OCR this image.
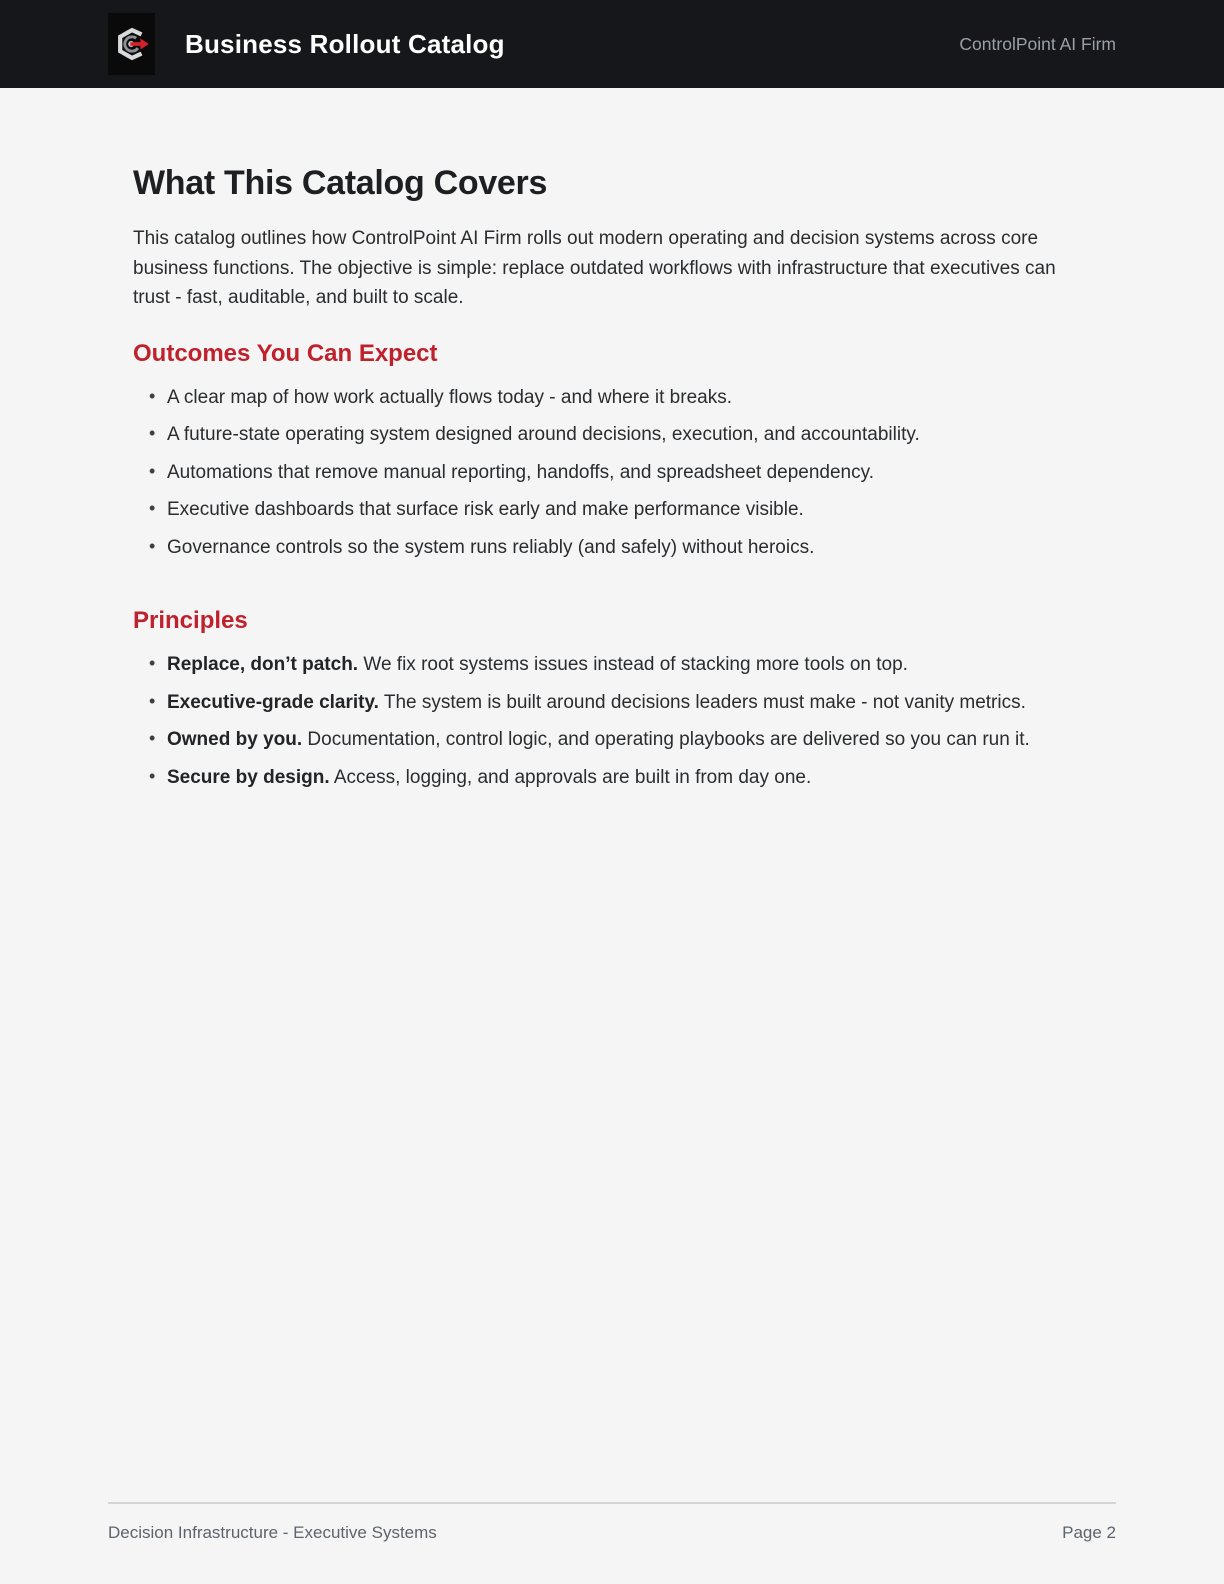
Business Rollout Catalog	ControlPoint AI Firm
What This Catalog Covers

This catalog outlines how ControlPoint AI Firm rolls out modern operating and decision systems across core business functions. The objective is simple: replace outdated workflows with infrastructure that executives can trust - fast, auditable, and built to scale.

Outcomes You Can Expect
• A clear map of how work actually flows today - and where it breaks.
• A future-state operating system designed around decisions, execution, and accountability.
• Automations that remove manual reporting, handoffs, and spreadsheet dependency.
• Executive dashboards that surface risk early and make performance visible.
• Governance controls so the system runs reliably (and safely) without heroics.
Principles
• Replace, don’t patch. We fix root systems issues instead of stacking more tools on top.
• Executive-grade clarity. The system is built around decisions leaders must make - not vanity metrics.
• Owned by you. Documentation, control logic, and operating playbooks are delivered so you can run it.
• Secure by design. Access, logging, and approvals are built in from day one.
Decision Infrastructure - Executive Systems	Page 2
